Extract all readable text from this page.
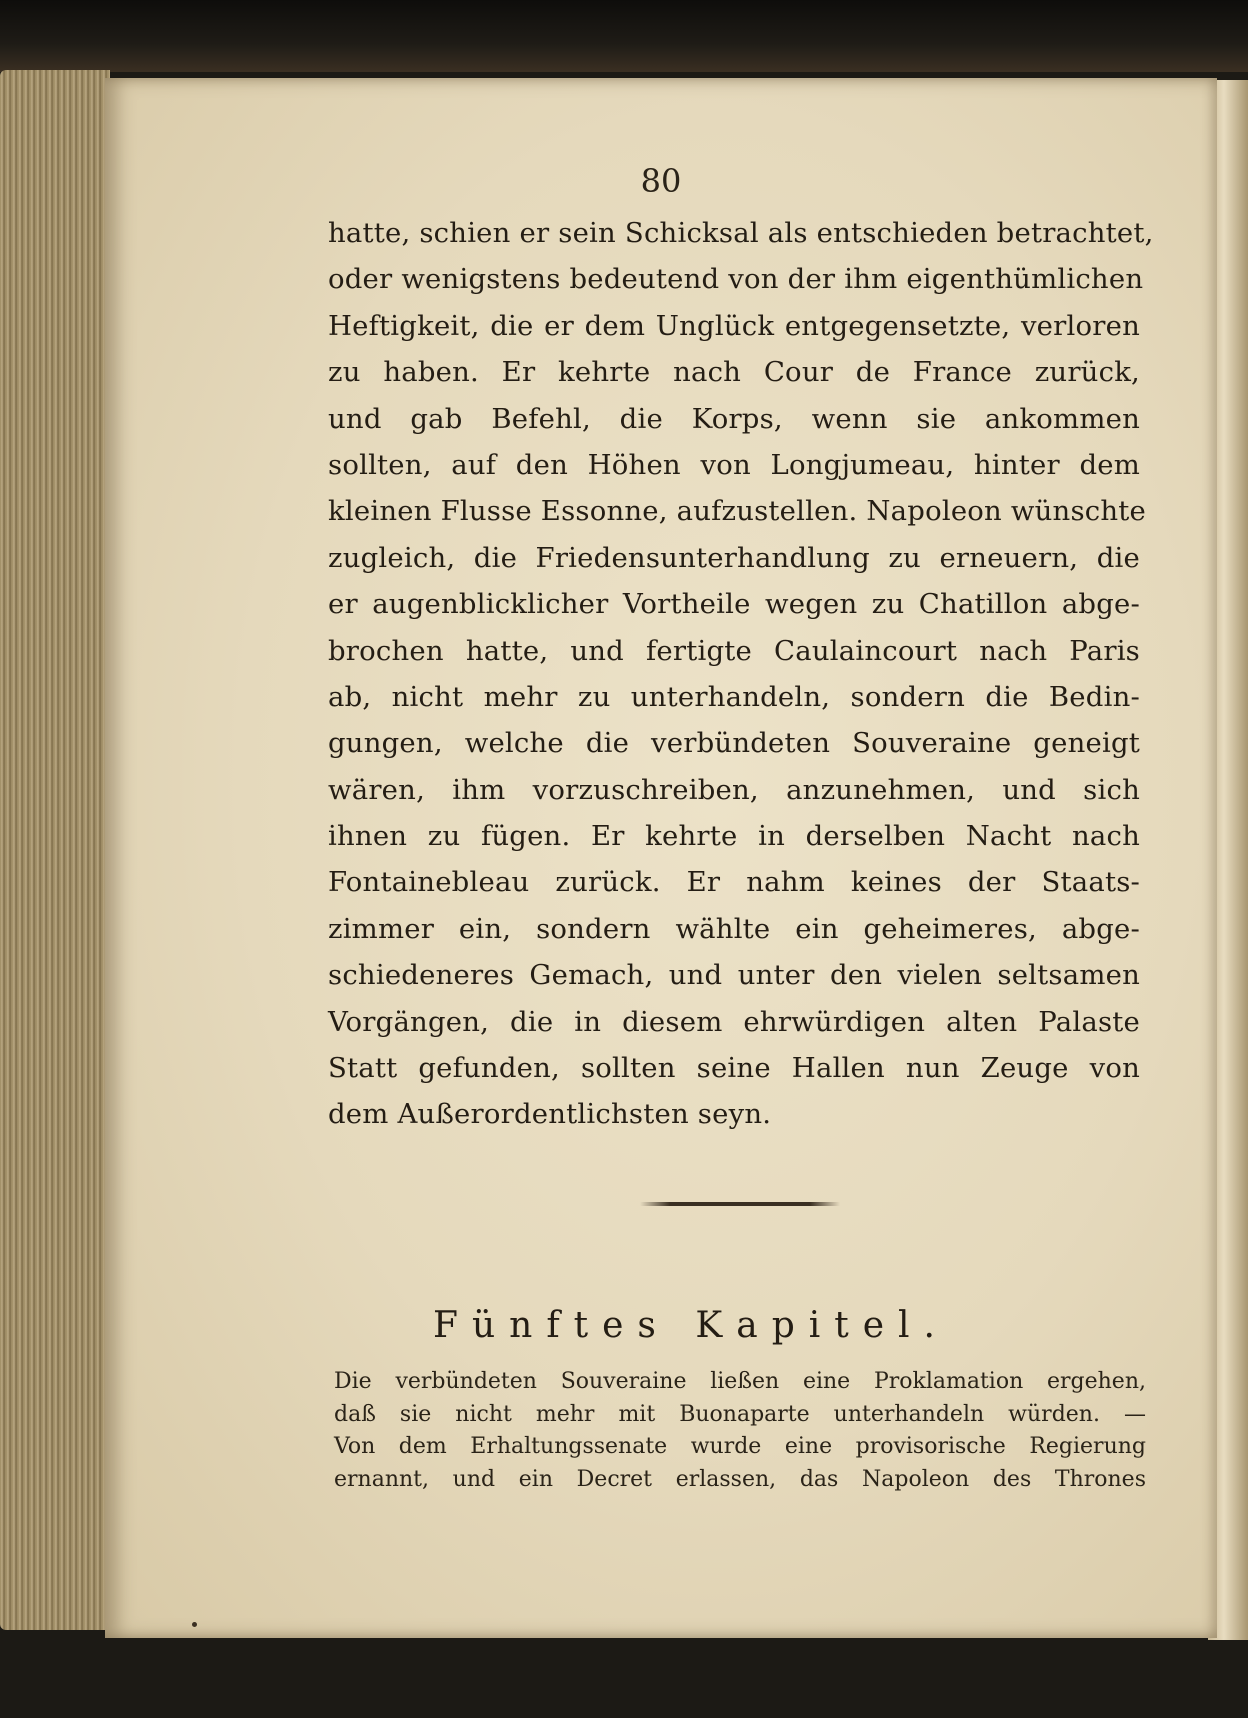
80
hatte, schien er sein Schicksal als entschieden betrachtet,
oder wenigstens bedeutend von der ihm eigenthümlichen
Heftigkeit, die er dem Unglück entgegensetzte, verloren
zu haben. Er kehrte nach Cour de France zurück,
und gab Befehl, die Korps, wenn sie ankommen
sollten, auf den Höhen von Longjumeau, hinter dem
kleinen Flusse Essonne, aufzustellen. Napoleon wünschte
zugleich, die Friedensunterhandlung zu erneuern, die
er augenblicklicher Vortheile wegen zu Chatillon abge-
brochen hatte, und fertigte Caulaincourt nach Paris
ab, nicht mehr zu unterhandeln, sondern die Bedin-
gungen, welche die verbündeten Souveraine geneigt
wären, ihm vorzuschreiben, anzunehmen, und sich
ihnen zu fügen. Er kehrte in derselben Nacht nach
Fontainebleau zurück. Er nahm keines der Staats-
zimmer ein, sondern wählte ein geheimeres, abge-
schiedeneres Gemach, und unter den vielen seltsamen
Vorgängen, die in diesem ehrwürdigen alten Palaste
Statt gefunden, sollten seine Hallen nun Zeuge von
dem Außerordentlichsten seyn.
Fünftes Kapitel.
Die verbündeten Souveraine ließen eine Proklamation ergehen,
daß sie nicht mehr mit Buonaparte unterhandeln würden. —
Von dem Erhaltungssenate wurde eine provisorische Regierung
ernannt, und ein Decret erlassen, das Napoleon des Thrones
